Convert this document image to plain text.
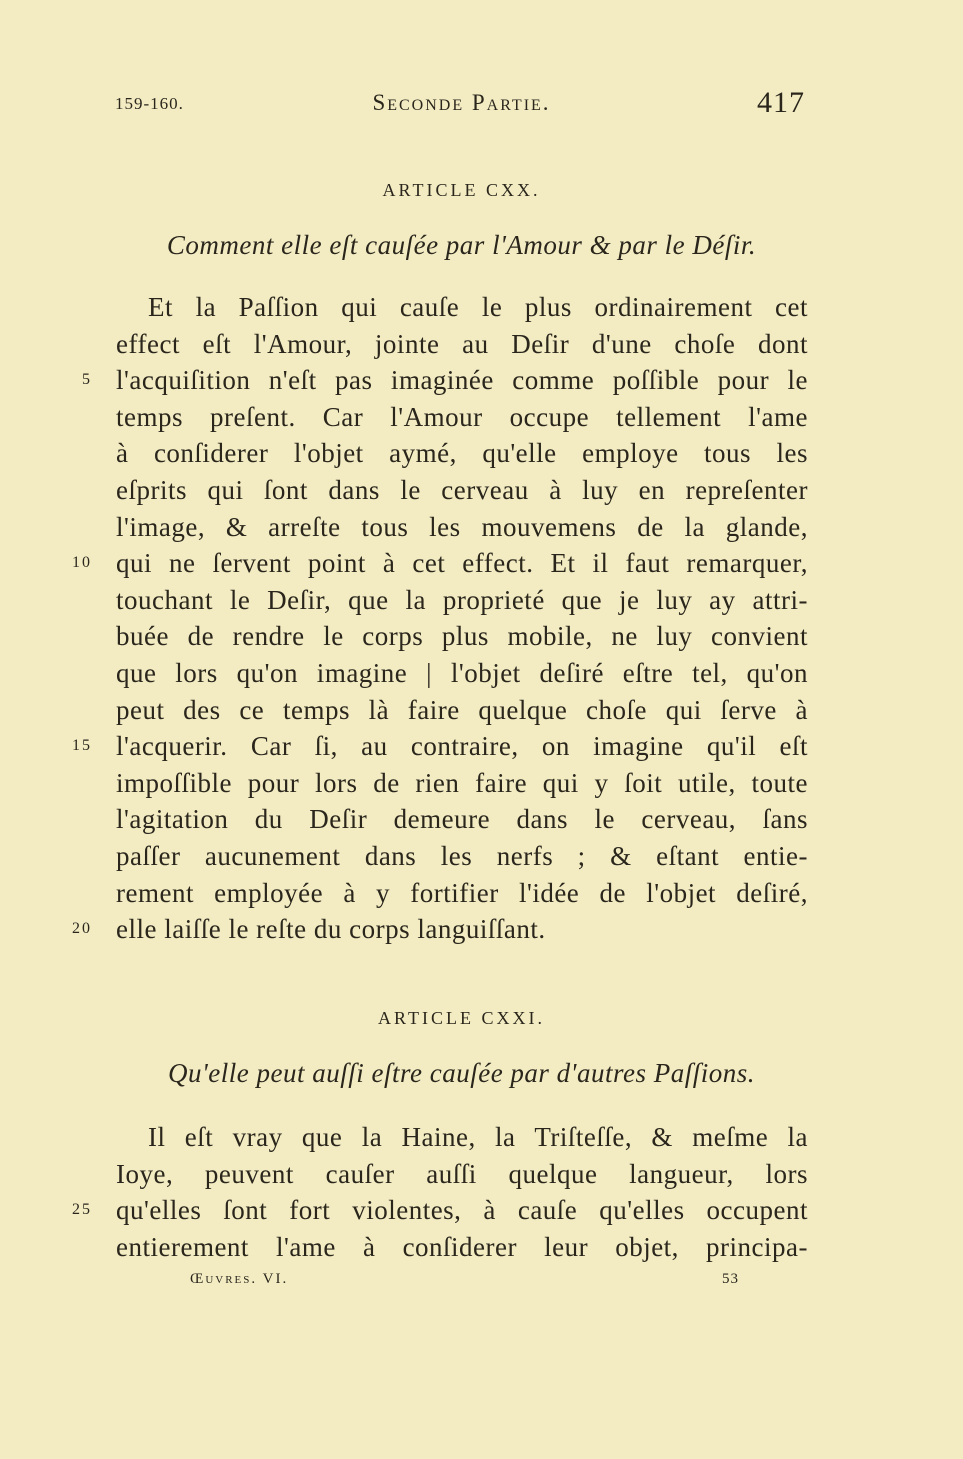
159-160.	Seconde Partie.	417
ARTICLE CXX.
Comment elle eſt cauſée par l'Amour & par le Déſir.
Et la Paſſion qui cauſe le plus ordinairement cet
effect eſt l'Amour, jointe au Deſir d'une choſe dont
l'acquiſition n'eſt pas imaginée comme poſſible pour le
5
temps preſent. Car l'Amour occupe tellement l'ame
à conſiderer l'objet aymé, qu'elle employe tous les
eſprits qui ſont dans le cerveau à luy en repreſenter
l'image, & arreſte tous les mouvemens de la glande,
qui ne ſervent point à cet effect. Et il faut remarquer,
10
touchant le Deſir, que la proprieté que je luy ay attri-
buée de rendre le corps plus mobile, ne luy convient
que lors qu'on imagine | l'objet deſiré eſtre tel, qu'on
peut des ce temps là faire quelque choſe qui ſerve à
l'acquerir. Car ſi, au contraire, on imagine qu'il eſt
15
impoſſible pour lors de rien faire qui y ſoit utile, toute
l'agitation du Deſir demeure dans le cerveau, ſans
paſſer aucunement dans les nerfs ; & eſtant entie-
rement employée à y fortifier l'idée de l'objet deſiré,
elle laiſſe le reſte du corps languiſſant.
20
ARTICLE CXXI.
Qu'elle peut auſſi eſtre cauſée par d'autres Paſſions.
Il eſt vray que la Haine, la Triſteſſe, & meſme la
Ioye, peuvent cauſer auſſi quelque langueur, lors
qu'elles ſont fort violentes, à cauſe qu'elles occupent
25
entierement l'ame à conſiderer leur objet, principa-
Œuvres. VI.	53
